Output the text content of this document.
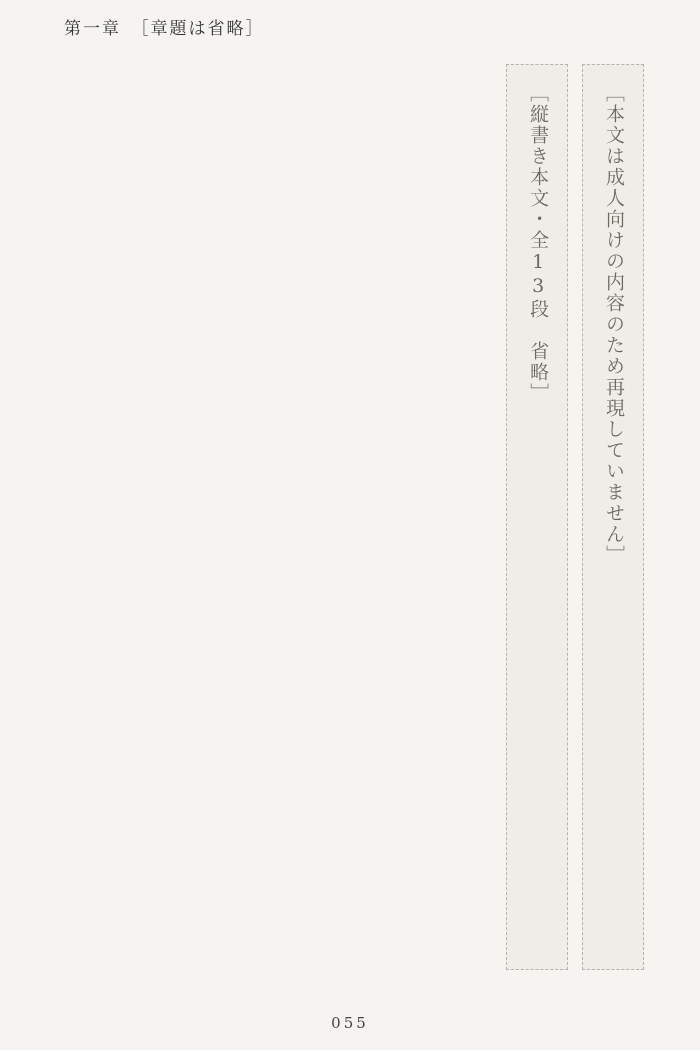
第一章　［章題は省略］
［本文は成人向けの内容のため再現していません］
［縦書き本文・全13段　省略］
055
